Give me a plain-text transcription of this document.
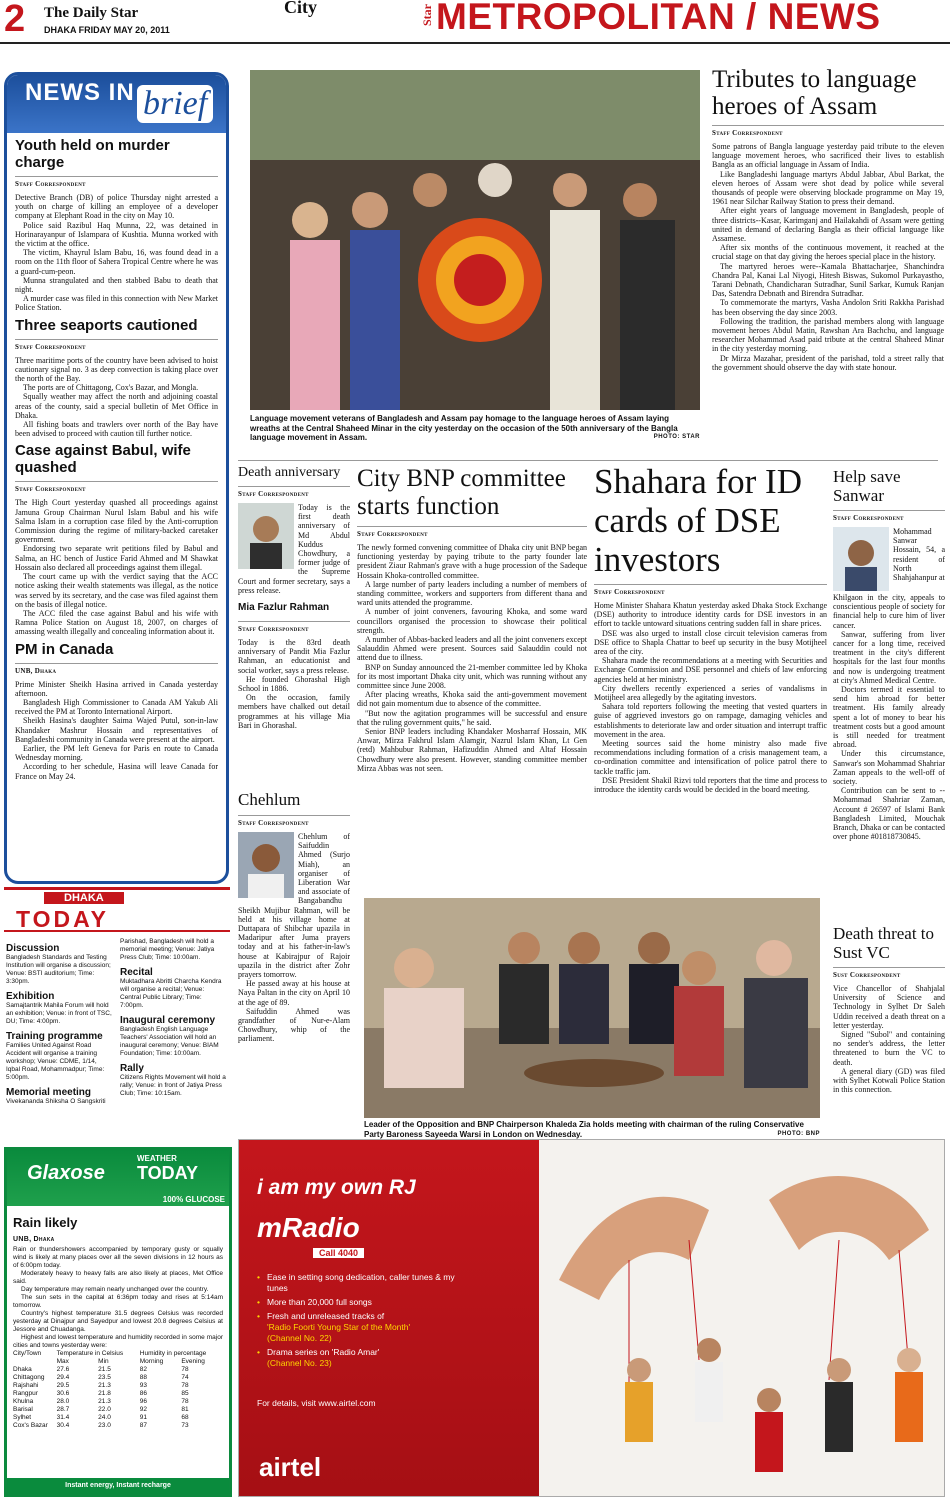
2 The Daily Star
DHAKA FRIDAY MAY 20, 2011
City	Star METROPOLITAN / NEWS
NEWS IN brief
Youth held on murder charge
Staff Correspondent

Detective Branch (DB) of police Thursday night arrested a youth on charge of killing an employee of a developer company at Elephant Road in the city on May 10.

Police said Razibul Haq Munna, 22, was detained in Horinarayanpur of Islampara of Kushtia. Munna worked with the victim at the office.

The victim, Khayrul Islam Babu, 16, was found dead in a room on the 11th floor of Sahera Tropical Centre where he was a guard-cum-peon.

Munna strangulated and then stabbed Babu to death that night.

A murder case was filed in this connection with New Market Police Station.

Three seaports cautioned
Staff Correspondent

Three maritime ports of the country have been advised to hoist cautionary signal no. 3 as deep convection is taking place over the north of the Bay.

The ports are of Chittagong, Cox's Bazar, and Mongla.

Squally weather may affect the north and adjoining coastal areas of the county, said a special bulletin of Met Office in Dhaka.

All fishing boats and trawlers over north of the Bay have been advised to proceed with caution till further notice.

Case against Babul, wife quashed
Staff Correspondent

The High Court yesterday quashed all proceedings against Jamuna Group Chairman Nurul Islam Babul and his wife Salma Islam in a corruption case filed by the Anti-corruption Commission during the regime of military-backed caretaker government.

Endorsing two separate writ petitions filed by Babul and Salma, an HC bench of Justice Farid Ahmed and M Shawkat Hossain also declared all proceedings against them illegal.

The court came up with the verdict saying that the ACC notice asking their wealth statements was illegal, as the notice was served by its secretary, and the case was filed against them on the basis of illegal notice.

The ACC filed the case against Babul and his wife with Ramna Police Station on August 18, 2007, on charges of amassing wealth illegally and concealing information about it.

PM in Canada
UNB, Dhaka

Prime Minister Sheikh Hasina arrived in Canada yesterday afternoon.

Bangladesh High Commissioner to Canada AM Yakub Ali received the PM at Toronto International Airport.

Sheikh Hasina's daughter Saima Wajed Putul, son-in-law Khandaker Mashrur Hossain and representatives of Bangladeshi community in Canada were present at the airport.

Earlier, the PM left Geneva for Paris en route to Canada Wednesday morning.

According to her schedule, Hasina will leave Canada for France on May 24.

Language movement veterans of Bangladesh and Assam pay homage to the language heroes of Assam laying wreaths at the Central Shaheed Minar in the city yesterday on the occasion of the 50th anniversary of the Bangla language movement in Assam.	PHOTO: STAR
Tributes to language heroes of Assam
Staff Correspondent

Some patrons of Bangla language yesterday paid tribute to the eleven language movement heroes, who sacrificed their lives to establish Bangla as an official language in Assam of India.

Like Bangladeshi language martyrs Abdul Jabbar, Abul Barkat, the eleven heroes of Assam were shot dead by police while several thousands of people were observing blockade programme on May 19, 1961 near Silchar Railway Station to press their demand.

After eight years of language movement in Bangladesh, people of three districts--Kasar, Karimganj and Hailakahdi of Assam were getting united in demand of declaring Bangla as their official language like Assamese.

After six months of the continuous movement, it reached at the crucial stage on that day giving the heroes special place in the history.

The martyred heroes were--Kamala Bhattacharjee, Shanchindra Chandra Pal, Kanai Lal Niyogi, Hitesh Biswas, Sukomol Purkayastho, Tarani Debnath, Chandicharan Sutradhar, Sunil Sarkar, Kumuk Ranjan Das, Satendra Debnath and Birendra Sutradhar.

To commemorate the martyrs, Vasha Andolon Sriti Rakkha Parishad has been observing the day since 2003.

Following the tradition, the parishad members along with language movement heroes Abdul Matin, Rawshan Ara Bachchu, and language researcher Mohammad Asad paid tribute at the central Shaheed Minar in the city yesterday morning.

Dr Mirza Mazahar, president of the parishad, told a street rally that the government should observe the day with state honour.

Death anniversary
Staff Correspondent

Today is the first death anniversary of Md Abdul Kuddus Chowdhury, a former judge of the Supreme Court and former secretary, says a press release.

Mia Fazlur Rahman
Staff Correspondent

Today is the 83rd death anniversary of Pandit Mia Fazlur Rahman, an educationist and social worker, says a press release.

He founded Ghorashal High School in 1886.

On the occasion, family members have chalked out detail programmes at his village Mia Bari in Ghorashal.

Chehlum
Staff Correspondent

Chehlum of Saifuddin Ahmed (Surjo Miah), an organiser of Liberation War and associate of Bangabandhu Sheikh Mujibur Rahman, will be held at his village home at Duttapara of Shibchar upazila in Madaripur after Juma prayers today and at his father-in-law's house at Kabirajpur of Rajoir upazila in the district after Zohr prayers tomorrow.

He passed away at his house at Naya Paltan in the city on April 10 at the age of 89.

Saifuddin Ahmed was grandfather of Nur-e-Alam Chowdhury, whip of the parliament.

City BNP committee starts function
Staff Correspondent

The newly formed convening committee of Dhaka city unit BNP began functioning yesterday by paying tribute to the party founder late president Ziaur Rahman's grave with a huge procession of the Sadeque Hossain Khoka-controlled committee.

A large number of party leaders including a number of members of standing committee, workers and supporters from different thana and ward units attended the programme.

A number of joint conveners, favouring Khoka, and some ward councillors organised the procession to showcase their political strength.

A number of Abbas-backed leaders and all the joint conveners except Salauddin Ahmed were present. Sources said Salauddin could not attend due to illness.

BNP on Sunday announced the 21-member committee led by Khoka for its most important Dhaka city unit, which was running without any committee since June 2008.

After placing wreaths, Khoka said the anti-government movement did not gain momentum due to absence of the committee.

"But now the agitation programmes will be successful and ensure that the ruling government quits," he said.

Senior BNP leaders including Khandaker Mosharraf Hossain, MK Anwar, Mirza Fakhrul Islam Alamgir, Nazrul Islam Khan, Lt Gen (retd) Mahbubur Rahman, Hafizuddin Ahmed and Altaf Hossain Chowdhury were also present. However, standing committee member Mirza Abbas was not seen.

Shahara for ID cards of DSE investors
Staff Correspondent

Home Minister Shahara Khatun yesterday asked Dhaka Stock Exchange (DSE) authority to introduce identity cards for DSE investors in an effort to tackle untoward situations centring sudden fall in share prices.

DSE was also urged to install close circuit television cameras from DSE office to Shapla Chattar to beef up security in the busy Motijheel area of the city.

Shahara made the recommendations at a meeting with Securities and Exchange Commission and DSE personnel and chiefs of law enforcing agencies held at her ministry.

City dwellers recently experienced a series of vandalisms in Motijheel area allegedly by the agitating investors.

Sahara told reporters following the meeting that vested quarters in guise of aggrieved investors go on rampage, damaging vehicles and establishments to deteriorate law and order situation and interrupt traffic movement in the area.

Meeting sources said the home ministry also made five recommendations including formation of a crisis management team, a co-ordination committee and intensification of police patrol there to tackle traffic jam.

DSE President Shakil Rizvi told reporters that the time and process to introduce the identity cards would be decided in the board meeting.

Leader of the Opposition and BNP Chairperson Khaleda Zia holds meeting with chairman of the ruling Conservative Party Baroness Sayeeda Warsi in London on Wednesday.	PHOTO: BNP
Help save Sanwar
Staff Correspondent

Mohammad Sanwar Hossain, 54, a resident of North Shahjahanpur at

Khilgaon in the city, appeals to conscientious people of society for financial help to cure him of liver cancer.

Sanwar, suffering from liver cancer for a long time, received treatment in the city's different hospitals for the last four months and now is undergoing treatment at city's Ahmed Medical Centre.

Doctors termed it essential to send him abroad for better treatment. His family already spent a lot of money to bear his treatment costs but a good amount is still needed for treatment abroad.

Under this circumstance, Sanwar's son Mohammad Shahriar Zaman appeals to the well-off of society.

Contribution can be sent to -- Mohammad Shahriar Zaman, Account # 26597 of Islami Bank Bangladesh Limited, Mouchak Branch, Dhaka or can be contacted over phone #01818730845.

Death threat to Sust VC
Sust Correspondent

Vice Chancellor of Shahjalal University of Science and Technology in Sylhet Dr Saleh Uddin received a death threat on a letter yesterday.

Signed "Subol" and containing no sender's address, the letter threatened to burn the VC to death.

A general diary (GD) was filed with Sylhet Kotwali Police Station in this connection.

DHAKA
TODAY
Discussion
Bangladesh Standards and Testing Institution will organise a discussion; Venue: BSTI auditorium; Time: 3:30pm.
Exhibition
Samajtantrik Mahila Forum will hold an exhibition; Venue: in front of TSC, DU; Time: 4:00pm.
Training programme
Families United Against Road Accident will organise a training workshop; Venue: CDME, 1/14, Iqbal Road, Mohammadpur; Time: 5:00pm.
Memorial meeting
Vivekananda Shiksha O Sangskriti
Parishad, Bangladesh will hold a memorial meeting; Venue: Jatiya Press Club; Time: 10:00am.
Recital
Muktadhara Abritti Charcha Kendra will organise a recital; Venue: Central Public Library; Time: 7:00pm.
Inaugural ceremony
Bangladesh English Language Teachers' Association will hold an inaugural ceremony; Venue: BIAM Foundation; Time: 10:00am.
Rally
Citizens Rights Movement will hold a rally; Venue: in front of Jatiya Press Club; Time: 10:15am.
Glaxose
WEATHER
TODAY
100% GLUCOSE
Rain likely
UNB, Dhaka

Rain or thundershowers accompanied by temporary gusty or squally wind is likely at many places over all the seven divisions in 12 hours as of 6:00pm today.

Moderately heavy to heavy falls are also likely at places, Met Office said.

Day temperature may remain nearly unchanged over the country.

The sun sets in the capital at 6:36pm today and rises at 5:14am tomorrow.

Country's highest temperature 31.5 degrees Celsius was recorded yesterday at Dinajpur and Sayedpur and lowest 20.8 degrees Celsius at Jessore and Chuadanga.

Highest and lowest temperature and humidity recorded in some major cities and towns yesterday were:

City/Town	Temperature in Celsius		Humidity in percentage	
	Max	Min	Morning	Evening
Dhaka	27.6	21.5	82	78
Chittagong	29.4	23.5	88	74
Rajshahi	29.5	21.3	93	78
Rangpur	30.6	21.8	86	85
Khulna	28.0	21.3	96	78
Barisal	28.7	22.0	92	81
Sylhet	31.4	24.0	91	68
Cox's Bazar	30.4	23.0	87	73
Instant energy, Instant recharge
i am my own RJ
mRadio
Call 4040
• Ease in setting song dedication, caller tunes & my tunes
• More than 20,000 full songs
• Fresh and unreleased tracks of
'Radio Foorti Young Star of the Month'
(Channel No. 22)
• Drama series on 'Radio Amar'
(Channel No. 23)
For details, visit www.airtel.com
airtel
